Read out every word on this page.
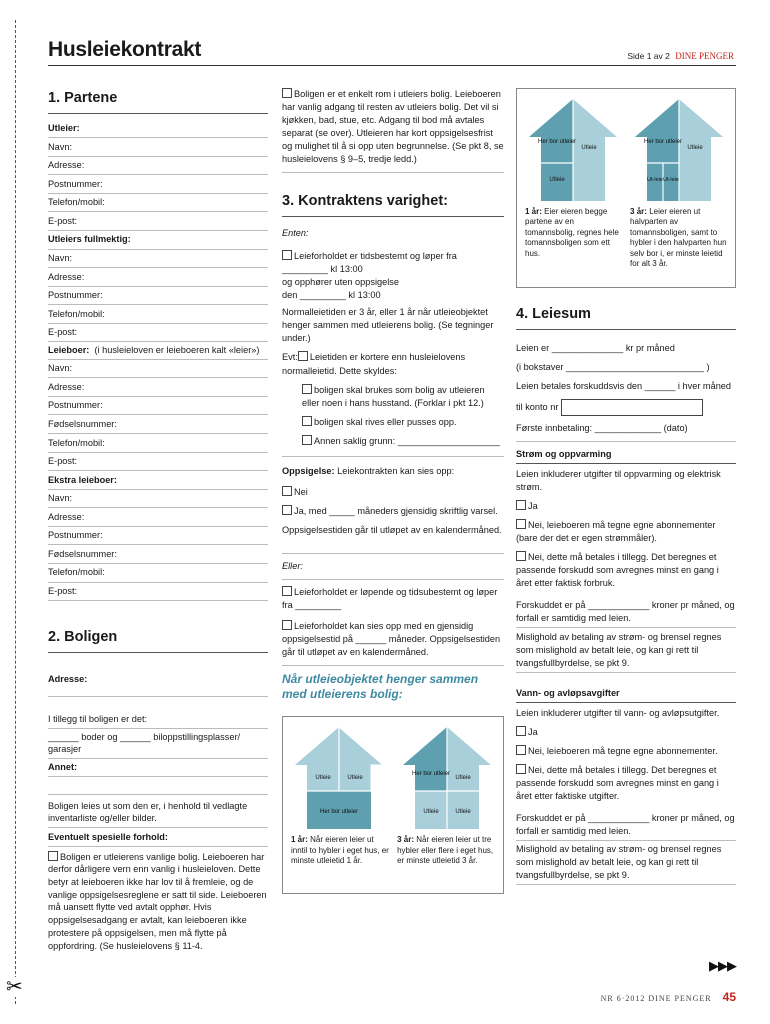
✂
Husleiekontrakt	Side 1 av 2 DINE PENGER
1. Partene
Utleier:
Navn:
Adresse:
Postnummer:
Telefon/mobil:
E-post:
Utleiers fullmektig:
Navn:
Adresse:
Postnummer:
Telefon/mobil:
E-post:
Leieboer: (i husleieloven er leieboeren kalt «leier»)
Navn:
Adresse:
Postnummer:
Fødselsnummer:
Telefon/mobil:
E-post:
Ekstra leieboer:
Navn:
Adresse:
Postnummer:
Fødselsnummer:
Telefon/mobil:
E-post:
2. Boligen
Adresse:
I tillegg til boligen er det:
______ boder og ______ biloppstillingsplasser/ garasjer
Annet:
Boligen leies ut som den er, i henhold til vedlagte inventarliste og/eller bilder.
Eventuelt spesielle forhold:
Boligen er utleierens vanlige bolig. Leieboeren har derfor dårligere vern enn vanlig i husleieloven. Dette betyr at leieboeren ikke har lov til å fremleie, og de vanlige oppsigelsesreglene er satt til side. Leieboeren må uansett flytte ved avtalt opphør. Hvis oppsigelsesadgang er avtalt, kan leieboeren ikke protestere på oppsigelsen, men må flytte på oppfordring. (Se husleielovens § 11-4.
Boligen er et enkelt rom i utleiers bolig. Leieboeren har vanlig adgang til resten av utleiers bolig. Det vil si kjøkken, bad, stue, etc. Adgang til bod må avtales separat (se over). Utleieren har kort oppsigelsesfrist og mulighet til å si opp uten begrunnelse. (Se pkt 8, se husleielovens § 9–5, tredje ledd.)
3. Kontraktens varighet:

Enten:

Leieforholdet er tidsbestemt og løper fra
_________ kl 13:00
og opphører uten oppsigelse
den _________ kl 13:00

Normalleietiden er 3 år, eller 1 år når utleieobjektet henger sammen med utleierens bolig. (Se tegninger under.)

Evt: Leietiden er kortere enn husleielovens normalleietid. Dette skyldes:
boligen skal brukes som bolig av utleieren eller noen i hans husstand. (Forklar i pkt 12.)
boligen skal rives eller pusses opp.
Annen saklig grunn: ____________________
Oppsigelse: Leiekontrakten kan sies opp:
Nei
Ja, med _____ måneders gjensidig skriftlig varsel.

Oppsigelsestiden går til utløpet av en kalendermåned.

Eller:

Leieforholdet er løpende og tidsubestemt og løper fra _________
Leieforholdet kan sies opp med en gjensidig oppsigelsestid på ______ måneder. Oppsigelsestiden går til utløpet av en kalendermåned.
Når utleieobjektet henger sammen med utleierens bolig:
Utleie	Utleie
Her bor utleier
Her bor utleier
Utleie
Utleie	Utleie
1 år: Når eieren leier ut inntil to hybler i eget hus, er minste utleietid 1 år.
3 år: Når eieren leier ut tre hybler eller flere i eget hus, er minste utleietid 3 år.
Her bor utleier
Utleie
Utleie
Her bor utleier
Utleie
Ut-leie Ut-leie
1 år: Eier eieren begge partene av en tomannsbolig, regnes hele tomannsboligen som ett hus.
3 år: Leier eieren ut halvparten av tomannsboligen, samt to hybler i den halvparten hun selv bor i, er minste leietid for alt 3 år.
4. Leiesum

Leien er ______________ kr pr måned

(i bokstaver ___________________________ )

Leien betales forskuddsvis den ______ i hver måned

til konto nr

Første innbetaling: _____________ (dato)

Strøm og oppvarming

Leien inkluderer utgifter til oppvarming og elektrisk strøm.

Ja

Nei, leieboeren må tegne egne abonnementer (bare der det er egen strømmåler).

Nei, dette må betales i tillegg. Det beregnes et passende forskudd som avregnes minst en gang i året etter faktisk forbruk.

Forskuddet er på ____________ kroner pr måned, og forfall er samtidig med leien.
Mislighold av betaling av strøm- og brensel regnes som mislighold av betalt leie, og kan gi rett til tvangsfullbyrdelse, se pkt 9.
Vann- og avløpsavgifter

Leien inkluderer utgifter til vann- og avløpsutgifter.

Ja

Nei, leieboeren må tegne egne abonnementer.

Nei, dette må betales i tillegg. Det beregnes et passende forskudd som avregnes minst en gang i året etter faktiske utgifter.

Forskuddet er på ____________ kroner pr måned, og forfall er samtidig med leien.
Mislighold av betaling av strøm- og brensel regnes som mislighold av betalt leie, og kan gi rett til tvangsfullbyrdelse, se pkt 9.
▶▶▶
NR 6·2012 DINE PENGER 45
